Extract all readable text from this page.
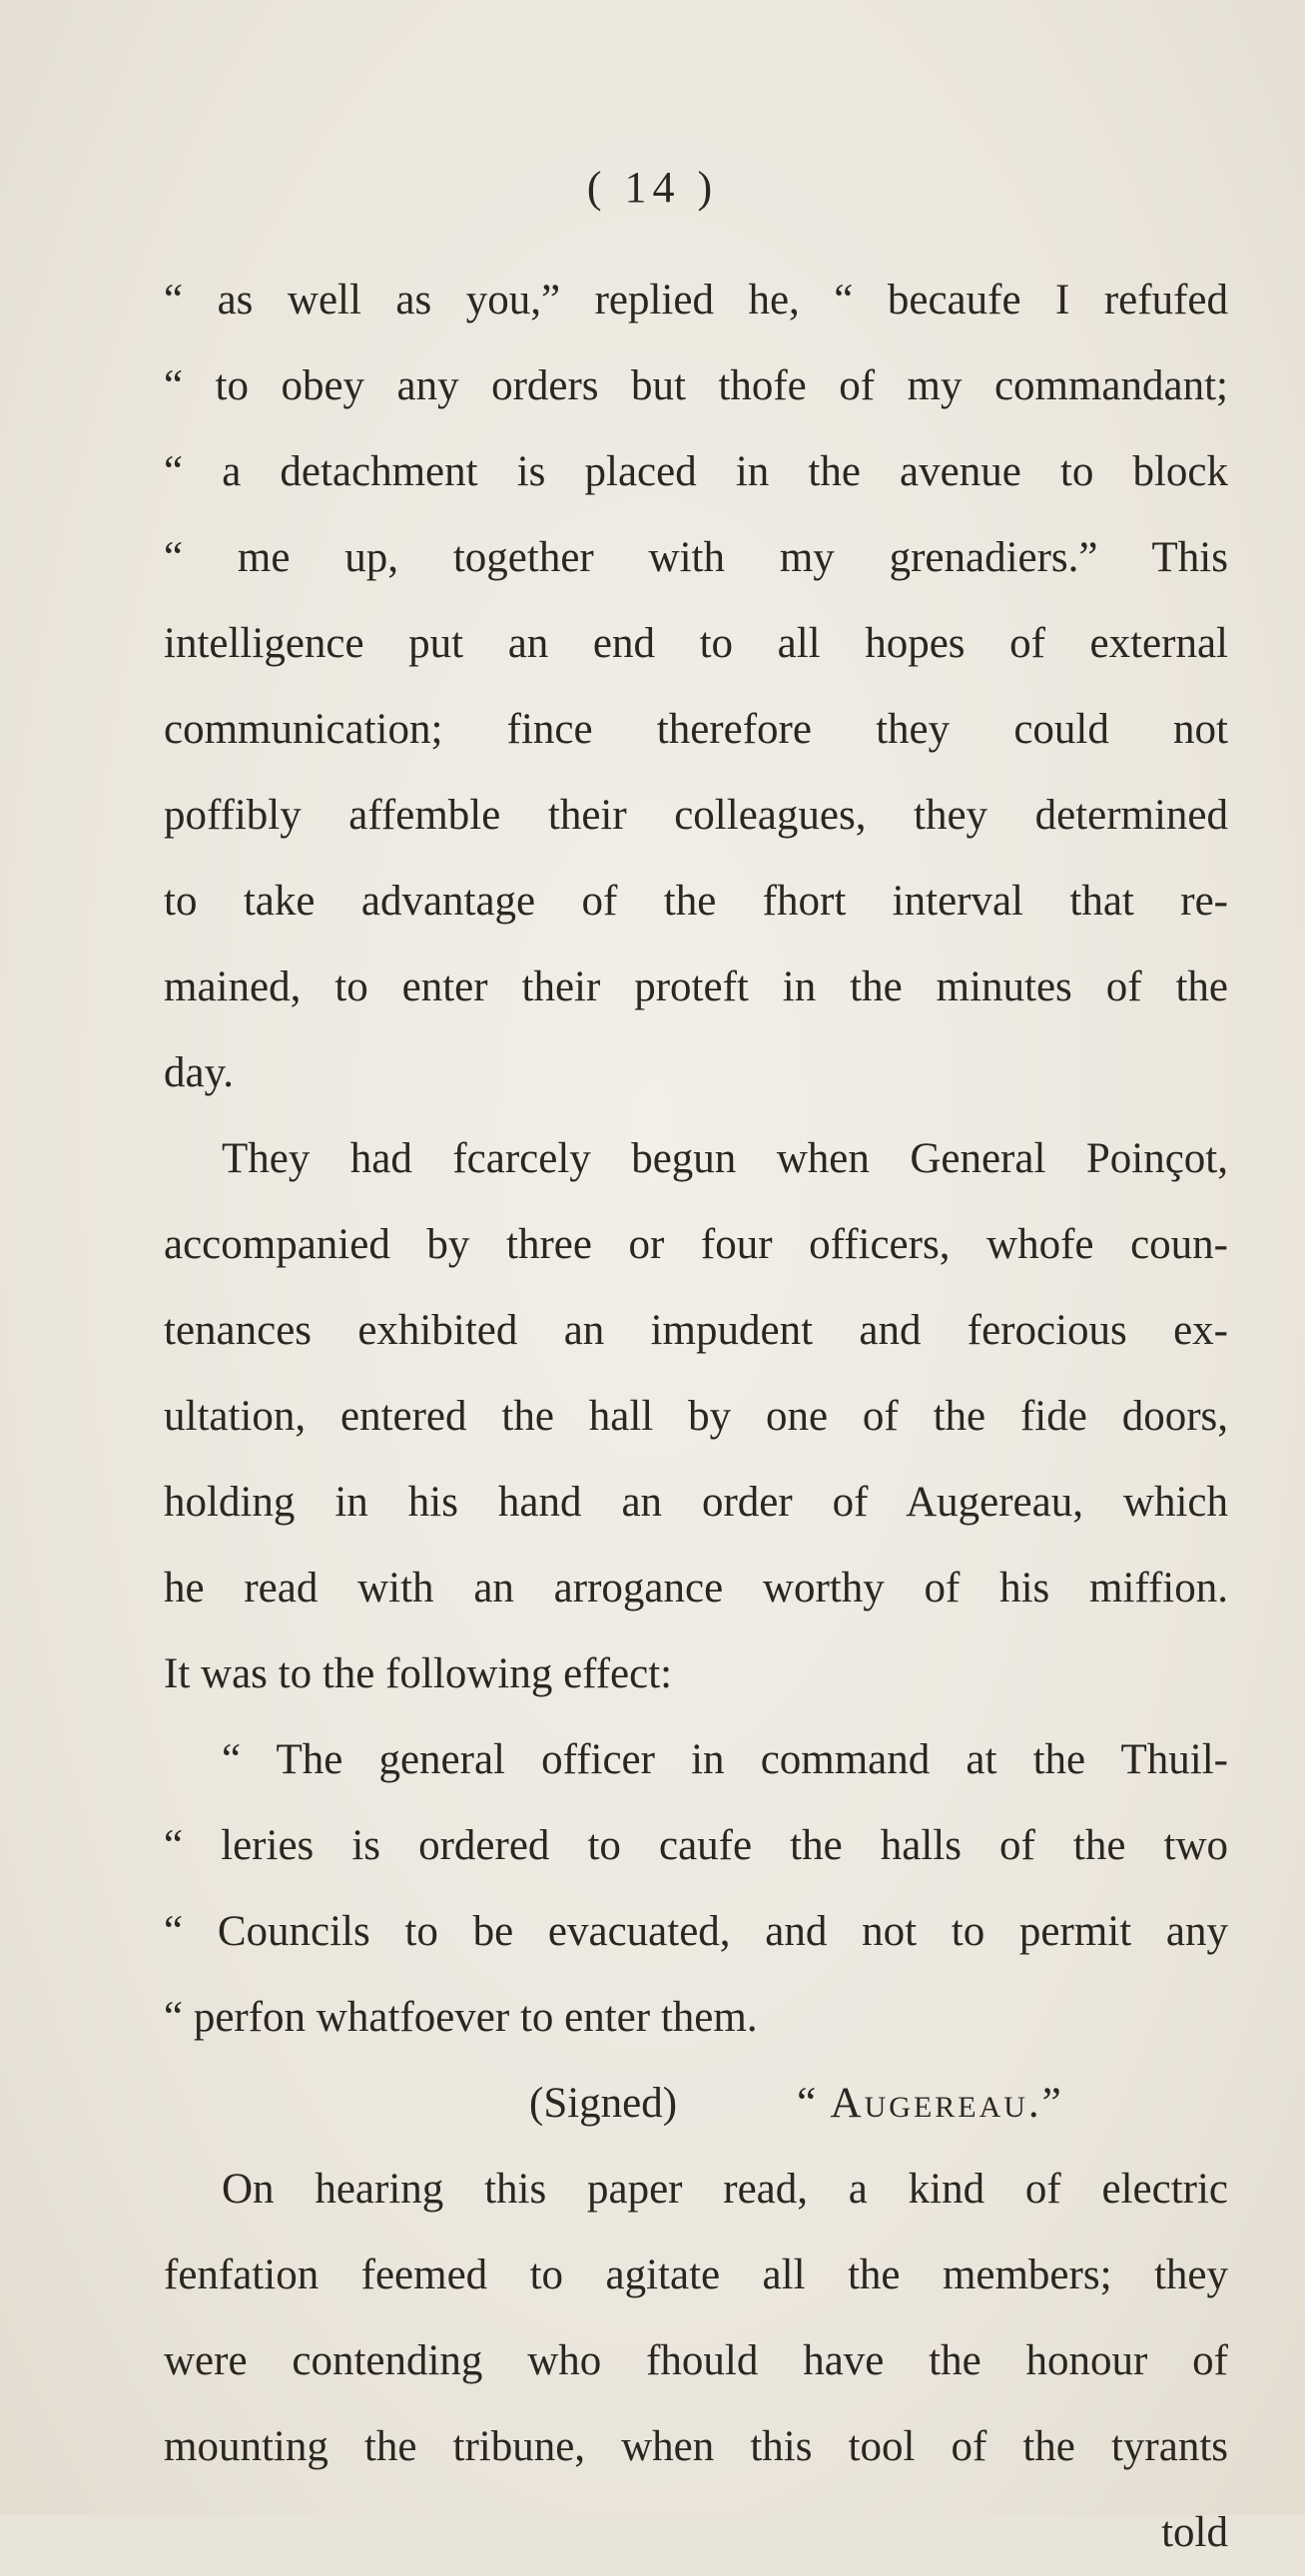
( 14 )
“ as well as you,” replied he, “ becaufe I refufed
“ to obey any orders but thofe of my commandant;
“ a detachment is placed in the avenue to block
“ me up, together with my grenadiers.” This
intelligence put an end to all hopes of external
communication; fince therefore they could not
poffibly affemble their colleagues, they determined
to take advantage of the fhort interval that re-
mained, to enter their proteft in the minutes of the
day.
They had fcarcely begun when General Poinçot,
accompanied by three or four officers, whofe coun-
tenances exhibited an impudent and ferocious ex-
ultation, entered the hall by one of the fide doors,
holding in his hand an order of Augereau, which
he read with an arrogance worthy of his miffion.
It was to the following effect:
“ The general officer in command at the Thuil-
“ leries is ordered to caufe the halls of the two
“ Councils to be evacuated, and not to permit any
“ perfon whatfoever to enter them.
(Signed)	“ Augereau.”
On hearing this paper read, a kind of electric
fenfation feemed to agitate all the members; they
were contending who fhould have the honour of
mounting the tribune, when this tool of the tyrants
told
